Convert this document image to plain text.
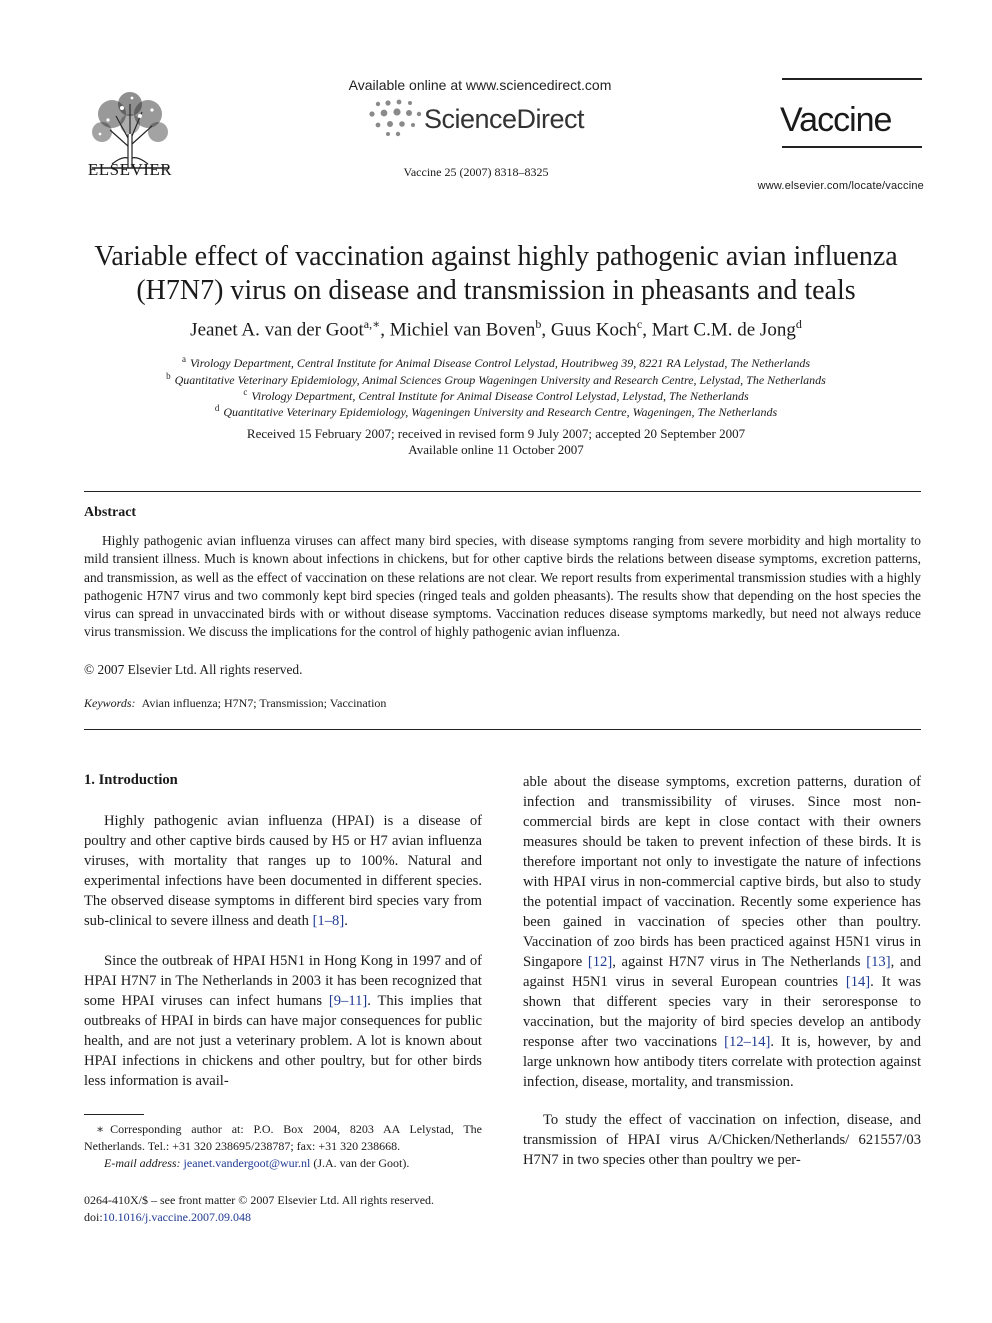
ELSEVIER
Available online at www.sciencedirect.com
ScienceDirect
Vaccine 25 (2007) 8318–8325
Vaccine
www.elsevier.com/locate/vaccine
Variable effect of vaccination against highly pathogenic avian influenza (H7N7) virus on disease and transmission in pheasants and teals
Jeanet A. van der Goot$^{a,∗}$, Michiel van Boven$^b$, Guus Koch$^c$, Mart C.M. de Jong$^d$
$^a$ Virology Department, Central Institute for Animal Disease Control Lelystad, Houtribweg 39, 8221 RA Lelystad, The Netherlands
$^b$ Quantitative Veterinary Epidemiology, Animal Sciences Group Wageningen University and Research Centre, Lelystad, The Netherlands
$^c$ Virology Department, Central Institute for Animal Disease Control Lelystad, Lelystad, The Netherlands
$^d$ Quantitative Veterinary Epidemiology, Wageningen University and Research Centre, Wageningen, The Netherlands
Received 15 February 2007; received in revised form 9 July 2007; accepted 20 September 2007
Available online 11 October 2007
Abstract

Highly pathogenic avian influenza viruses can affect many bird species, with disease symptoms ranging from severe morbidity and high mortality to mild transient illness. Much is known about infections in chickens, but for other captive birds the relations between disease symptoms, excretion patterns, and transmission, as well as the effect of vaccination on these relations are not clear. We report results from experimental transmission studies with a highly pathogenic H7N7 virus and two commonly kept bird species (ringed teals and golden pheasants). The results show that depending on the host species the virus can spread in unvaccinated birds with or without disease symptoms. Vaccination reduces disease symptoms markedly, but need not always reduce virus transmission. We discuss the implications for the control of highly pathogenic avian influenza.

© 2007 Elsevier Ltd. All rights reserved.
Keywords: Avian influenza; H7N7; Transmission; Vaccination
1. Introduction

Highly pathogenic avian influenza (HPAI) is a disease of poultry and other captive birds caused by H5 or H7 avian influenza viruses, with mortality that ranges up to 100%. Natural and experimental infections have been documented in different species. The observed disease symptoms in different bird species vary from sub-clinical to severe illness and death [1–8].

Since the outbreak of HPAI H5N1 in Hong Kong in 1997 and of HPAI H7N7 in The Netherlands in 2003 it has been recognized that some HPAI viruses can infect humans [9–11]. This implies that outbreaks of HPAI in birds can have major consequences for public health, and are not just a veterinary problem. A lot is known about HPAI infections in chickens and other poultry, but for other birds less information is avail-

able about the disease symptoms, excretion patterns, duration of infection and transmissibility of viruses. Since most non-commercial birds are kept in close contact with their owners measures should be taken to prevent infection of these birds. It is therefore important not only to investigate the nature of infections with HPAI virus in non-commercial captive birds, but also to study the potential impact of vaccination. Recently some experience has been gained in vaccination of species other than poultry. Vaccination of zoo birds has been practiced against H5N1 virus in Singapore [12], against H7N7 virus in The Netherlands [13], and against H5N1 virus in several European countries [14]. It was shown that different species vary in their seroresponse to vaccination, but the majority of bird species develop an antibody response after two vaccinations [12–14]. It is, however, by and large unknown how antibody titers correlate with protection against infection, disease, mortality, and transmission.

To study the effect of vaccination on infection, disease, and transmission of HPAI virus A/Chicken/Netherlands/ 621557/03 H7N7 in two species other than poultry we per-

∗ Corresponding author at: P.O. Box 2004, 8203 AA Lelystad, The Netherlands. Tel.: +31 320 238695/238787; fax: +31 320 238668.
E-mail address: jeanet.vandergoot@wur.nl (J.A. van der Goot).

0264-410X/$ – see front matter © 2007 Elsevier Ltd. All rights reserved.
doi:10.1016/j.vaccine.2007.09.048
